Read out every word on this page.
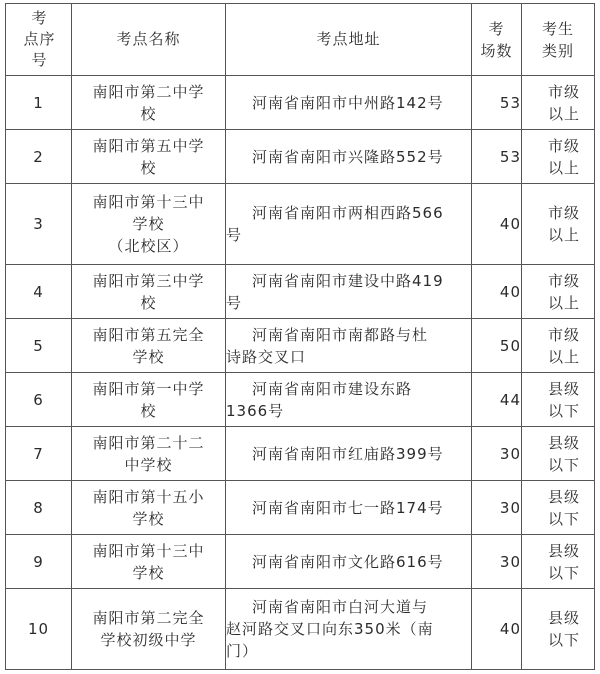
考
点序
号	考点名称	考点地址	考
场数	考生
类别

1	南阳市第二中学
校	河南省南阳市中州路142号	53	市级
以上

2	南阳市第五中学
校	河南省南阳市兴隆路552号	53	市级
以上

3	南阳市第十三中
学校
（北校区）	河南省南阳市两相西路566
号	40	市级
以上

4	南阳市第三中学
校	河南省南阳市建设中路419
号	40	市级
以上

5	南阳市第五完全
学校	河南省南阳市南都路与杜
诗路交叉口	50	市级
以上

6	南阳市第一中学
校	河南省南阳市建设东路
1366号	44	县级
以下

7	南阳市第二十二
中学校	河南省南阳市红庙路399号	30	县级
以下

8	南阳市第十五小
学校	河南省南阳市七一路174号	30	县级
以下

9	南阳市第十三中
学校	河南省南阳市文化路616号	30	县级
以下

10	南阳市第二完全
学校初级中学	河南省南阳市白河大道与
赵河路交叉口向东350米（南
门）	40	县级
以下
